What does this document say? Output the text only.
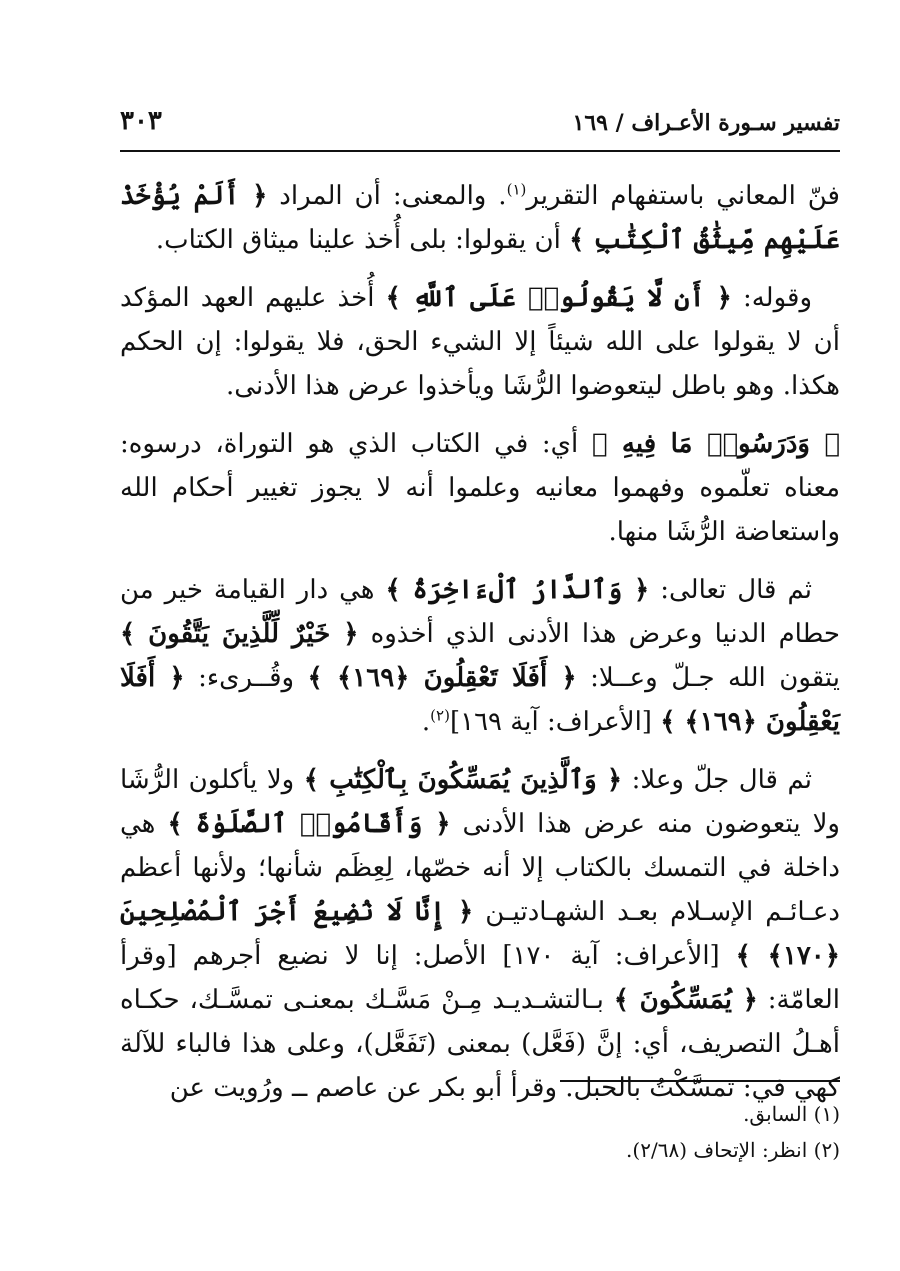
تفسير سـورة الأعـراف / ١٦٩
٣٠٣

فنّ المعاني باستفهام التقرير$^{(١)}$. والمعنى: أن المراد ﴿ أَلَمْ يُؤْخَذْ عَلَيْهِم مِّيثَٰقُ ٱلْكِتَٰبِ ﴾ أن يقولوا: بلى أُخذ علينا ميثاق الكتاب.

وقوله: ﴿ أَن لَّا يَقُولُوا۟ عَلَى ٱللَّهِ ﴾ أُخذ عليهم العهد المؤكد أن لا يقولوا على الله شيئاً إلا الشيء الحق، فلا يقولوا: إن الحكم هكذا. وهو باطل ليتعوضوا الرُّشَا ويأخذوا عرض هذا الأدنى.

﴿ وَدَرَسُوا۟ مَا فِيهِ ﴾ أي: في الكتاب الذي هو التوراة، درسوه: معناه تعلّموه وفهموا معانيه وعلموا أنه لا يجوز تغيير أحكام الله واستعاضة الرُّشَا منها.

ثم قال تعالى: ﴿ وَٱلدَّارُ ٱلْءَاخِرَةُ ﴾ هي دار القيامة خير من حطام الدنيا وعرض هذا الأدنى الذي أخذوه ﴿ خَيْرٌ لِّلَّذِينَ يَتَّقُونَ ﴾ يتقون الله جـلّ وعــلا: ﴿ أَفَلَا تَعْقِلُونَ ﴿١٦٩﴾ ﴾ وقُــرىء: ﴿ أَفَلَا يَعْقِلُونَ ﴿١٦٩﴾ ﴾ [الأعراف: آية ١٦٩]$^{(٢)}$.

ثم قال جلّ وعلا: ﴿ وَٱلَّذِينَ يُمَسِّكُونَ بِٱلْكِتَٰبِ ﴾ ولا يأكلون الرُّشَا ولا يتعوضون منه عرض هذا الأدنى ﴿ وَأَقَامُوا۟ ٱلصَّلَوٰةَ ﴾ هي داخلة في التمسك بالكتاب إلا أنه خصّها، لِعِظَم شأنها؛ ولأنها أعظم دعـائـم الإسـلام بعـد الشهـادتيـن ﴿ إِنَّا لَا نُضِيعُ أَجْرَ ٱلْمُصْلِحِينَ ﴿١٧٠﴾ ﴾ [الأعراف: آية ١٧٠] الأصل: إنا لا نضيع أجرهم [وقرأ العامّة: ﴿ يُمَسِّكُونَ ﴾ بـالتشـديـد مِـنْ مَسَّـك بمعنـى تمسَّـك، حكـاه أهـلُ التصريف، أي: إنَّ (فَعَّل) بمعنى (تَفَعَّل)، وعلى هذا فالباء للآلة كهي في: تمسَّكْتُ بالحبل. وقرأ أبو بكر عن عاصم ــ ورُويت عن

(١) السابق.
(٢) انظر: الإتحاف (٢/٦٨).
